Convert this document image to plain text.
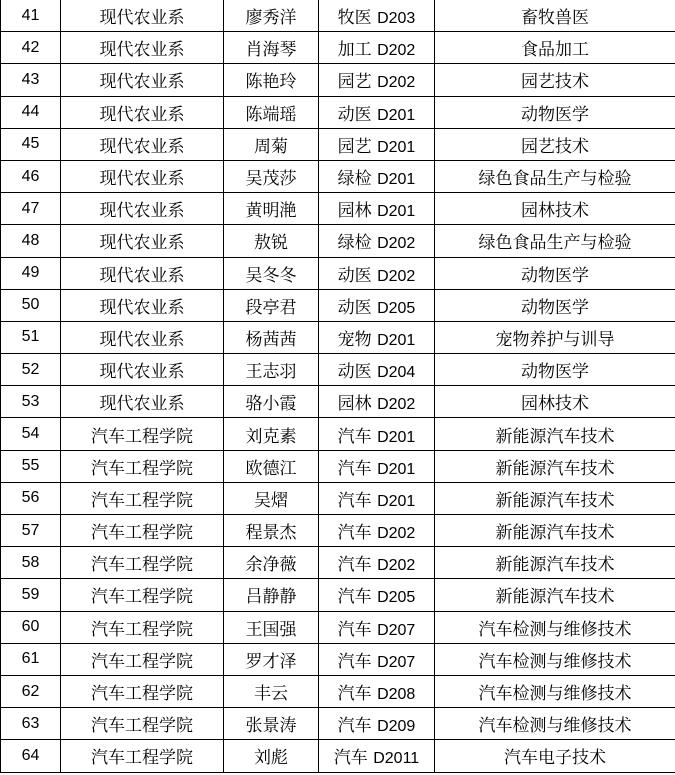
41	现代农业系	廖秀洋	牧医 D203	畜牧兽医
42	现代农业系	肖海琴	加工 D202	食品加工
43	现代农业系	陈艳玲	园艺 D202	园艺技术
44	现代农业系	陈端瑶	动医 D201	动物医学
45	现代农业系	周菊	园艺 D201	园艺技术
46	现代农业系	吴茂莎	绿检 D201	绿色食品生产与检验
47	现代农业系	黄明滟	园林 D201	园林技术
48	现代农业系	敖锐	绿检 D202	绿色食品生产与检验
49	现代农业系	吴冬冬	动医 D202	动物医学
50	现代农业系	段亭君	动医 D205	动物医学
51	现代农业系	杨茜茜	宠物 D201	宠物养护与训导
52	现代农业系	王志羽	动医 D204	动物医学
53	现代农业系	骆小霞	园林 D202	园林技术
54	汽车工程学院	刘克素	汽车 D201	新能源汽车技术
55	汽车工程学院	欧德江	汽车 D201	新能源汽车技术
56	汽车工程学院	吴熠	汽车 D201	新能源汽车技术
57	汽车工程学院	程景杰	汽车 D202	新能源汽车技术
58	汽车工程学院	余净薇	汽车 D202	新能源汽车技术
59	汽车工程学院	吕静静	汽车 D205	新能源汽车技术
60	汽车工程学院	王国强	汽车 D207	汽车检测与维修技术
61	汽车工程学院	罗才泽	汽车 D207	汽车检测与维修技术
62	汽车工程学院	丰云	汽车 D208	汽车检测与维修技术
63	汽车工程学院	张景涛	汽车 D209	汽车检测与维修技术
64	汽车工程学院	刘彪	汽车 D2011	汽车电子技术
